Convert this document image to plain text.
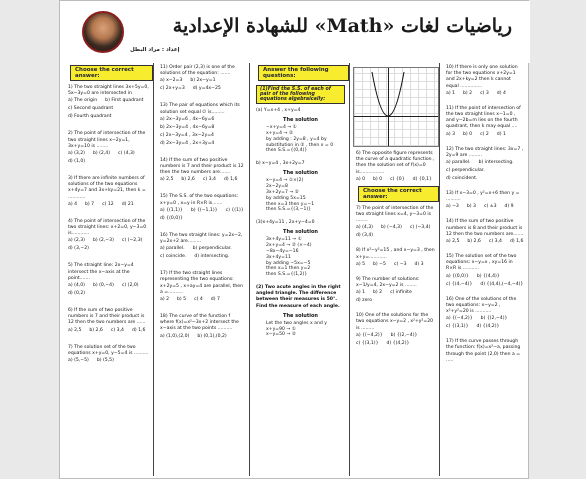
إعداد : مراد البطل
رياضيات لغات «Math» للشهادة الإعدادية
Choose the correct answer:
1) The two straight lines 3x+5y=0, 5x−3y=0 are intersected in
a) The origin b) First quadrant
c) Second quadrant
d) Fourth quadrant
2) The point of intersection of the two straight lines x−2y=1, 3x+y=10 is ........
a) (3,2) b) (2,4) c) (4,3)
d) (1,0)
3) If there are infinite numbers of solutions of the two equations x+4y=7 and 3x+ky=21, then k = ............
a) 4 b) 7 c) 12 d) 21
4) The point of intersection of the two straight lines: x+2=0, y−3=0 is............
a) (2,3) b) (2,−3) c) (−2,3)
d) (3,−2)
5) The straight line: 2x−y=4 intersect the x−axis at the point.......
a) (4,0) b) (0,−4) c) (2,0)
d) (0,2)
6) If the sum of two positive numbers is 7 and their product is 12 then the two numbers are ......
a) 2,5 b) 2,6 c) 3,4 d) 1,6
7) The solution set of the two equations x+y=0, y−5=4 is ..........
a) (5,−5) b) (5,5)
11) Order pair (2,3) is one of the solutions of the equation: .......
a) x−2=3 b) 2x−y=1
c) 2x+y=3 d) y=4x−25
13) The pair of equations which its solution set equal ∅ is.........
a) 2x−3y=6 , 4x−6y=6
b) 2x−3y=4 , 4x−6y=8
c) 2x−3y=4 , 3x−2y=4
d) 2x−3y=4 , 2x+3y=4
14) If the sum of two positive numbers is 7 and their product is 12 then the two numbers are.......
a) 2,5 b) 2,6 c) 3,4 d) 1,6
15) The S.S. of the two equations: x+y=0 , x=y in R×R is.......
a) {(1,1)} b) {(−1,1)} c) {(1)}
d) {(0,0)}
16) The two straight lines: y=2x−2, y=2x+2 are.........
a) parallel. b) perpendicular.
c) coincide. d) intersecting.
17) If the two straight lines representing the two equations: x+2y=5 , x+ay=4 are parallel, then a =..........
a) 2 b) 5 c) 4 d) 7
18) The curve of the function f where f(x)=x²−3x+2 intersect the x−axis at the two points ..........
a) (1,0),(2,0) b) (0,1),(0,2)
Answer the following questions:
(1)Find the S.S. of each of pair of the following equations algebraically:
(a) Y=x+4 , x+y=4
The solution
−x+y=4 → ①
x+y=4 → ②
by adding : 2y=8 , y=4 by
substitution in ② , then x = 0
then S.S.={(0,4)}
b) x−y=4 , 3x+2y=7
The solution
x−y=4 → ①×(2)
2x−2y=8
3x+2y=7 → ②
by adding 5x=15
then x=3 then y=−1
then S.S.={(3,−1)}
(3)x+4y=11 , 2x+y−4=0
The solution
3x+4y=11 → ①
2x+y=4 → ② (×−4)
−8x−4y=−16
3x+4y=11
by adding −5x=−5
then x=1 then y=2
then S.S.={(1,2)}
(2) Two acute angles in the right angled triangle. The difference between their measures is 50°. Find the measure of each angle.
The solution
Let the two angles x and y
x+y=90 → ①
x−y=50 → ②
6) The opposite figure represents the curve of a quadratic function , then the solution set of f(x)=0 is.................
a) 0 b) 0 c) {0} d) {0,1}
Choose the correct answer:
7) The point of intersection of the two straight lines x=4, y−3=0 is ........
a) (4,3) b) (−4,3) c) (−3,4)
d) (3,4)
8) If x²−y²=15 , and x−y=3 , then x+y=............
a) 5 b) −5 c) −3 d) 3
9) The number of solutions: x−1/y=4, 2x−y=2 is ........
a) 1 b) 2 c) infinite
d) zero
10) One of the solutions for the two equations x−y=2 , x²+y²=20 is .........
a) {(−4,2)} b) {(2,−4)}
c) {(3,1)} d) {(4,2)}
10) If there is only one solution for the two equations x+2y=1 and 2x+ky=2 then k cannot equal ...............
a) 1 b) 2 c) 3 d) 4
11) If the point of intersection of the two straight lines x−1=0 , and y−2b=m lies on the fourth quadrant, then k may equal ....
a) 3 b) 0 c) 2 d) 1
12) The two straight lines: 3x=7 , 2y=9 are .........
a) parallel. b) intersecting.
c) perpendicular.
d) coincident.
13) If x−3=0 , y²=x+6 then y = ..........
a) −3 b) 3 c) ±3 d) 9
14) If the sum of two positive numbers is 8 and their product is 12 then the two numbers are.......
a) 2,5 b) 2,6 c) 3,4 d) 1,6
15) The solution set of the two equations: x−y=x , xy=16 in R×R is ...........
a) {(0,0)} b) {(4,4)}
c) {(4,−4)} d) {(4,4),(−4,−4)}
16) One of the solutions of the two equations: x−y=2 , x²+y²=20 is ...........
a) {(−4,2)} b) {(2,−4)}
c) {(3,1)} d) {(4,2)}
17) If the curve passes through the function: f(x)=x²−a, passing through the point (2,0) then a = .....
